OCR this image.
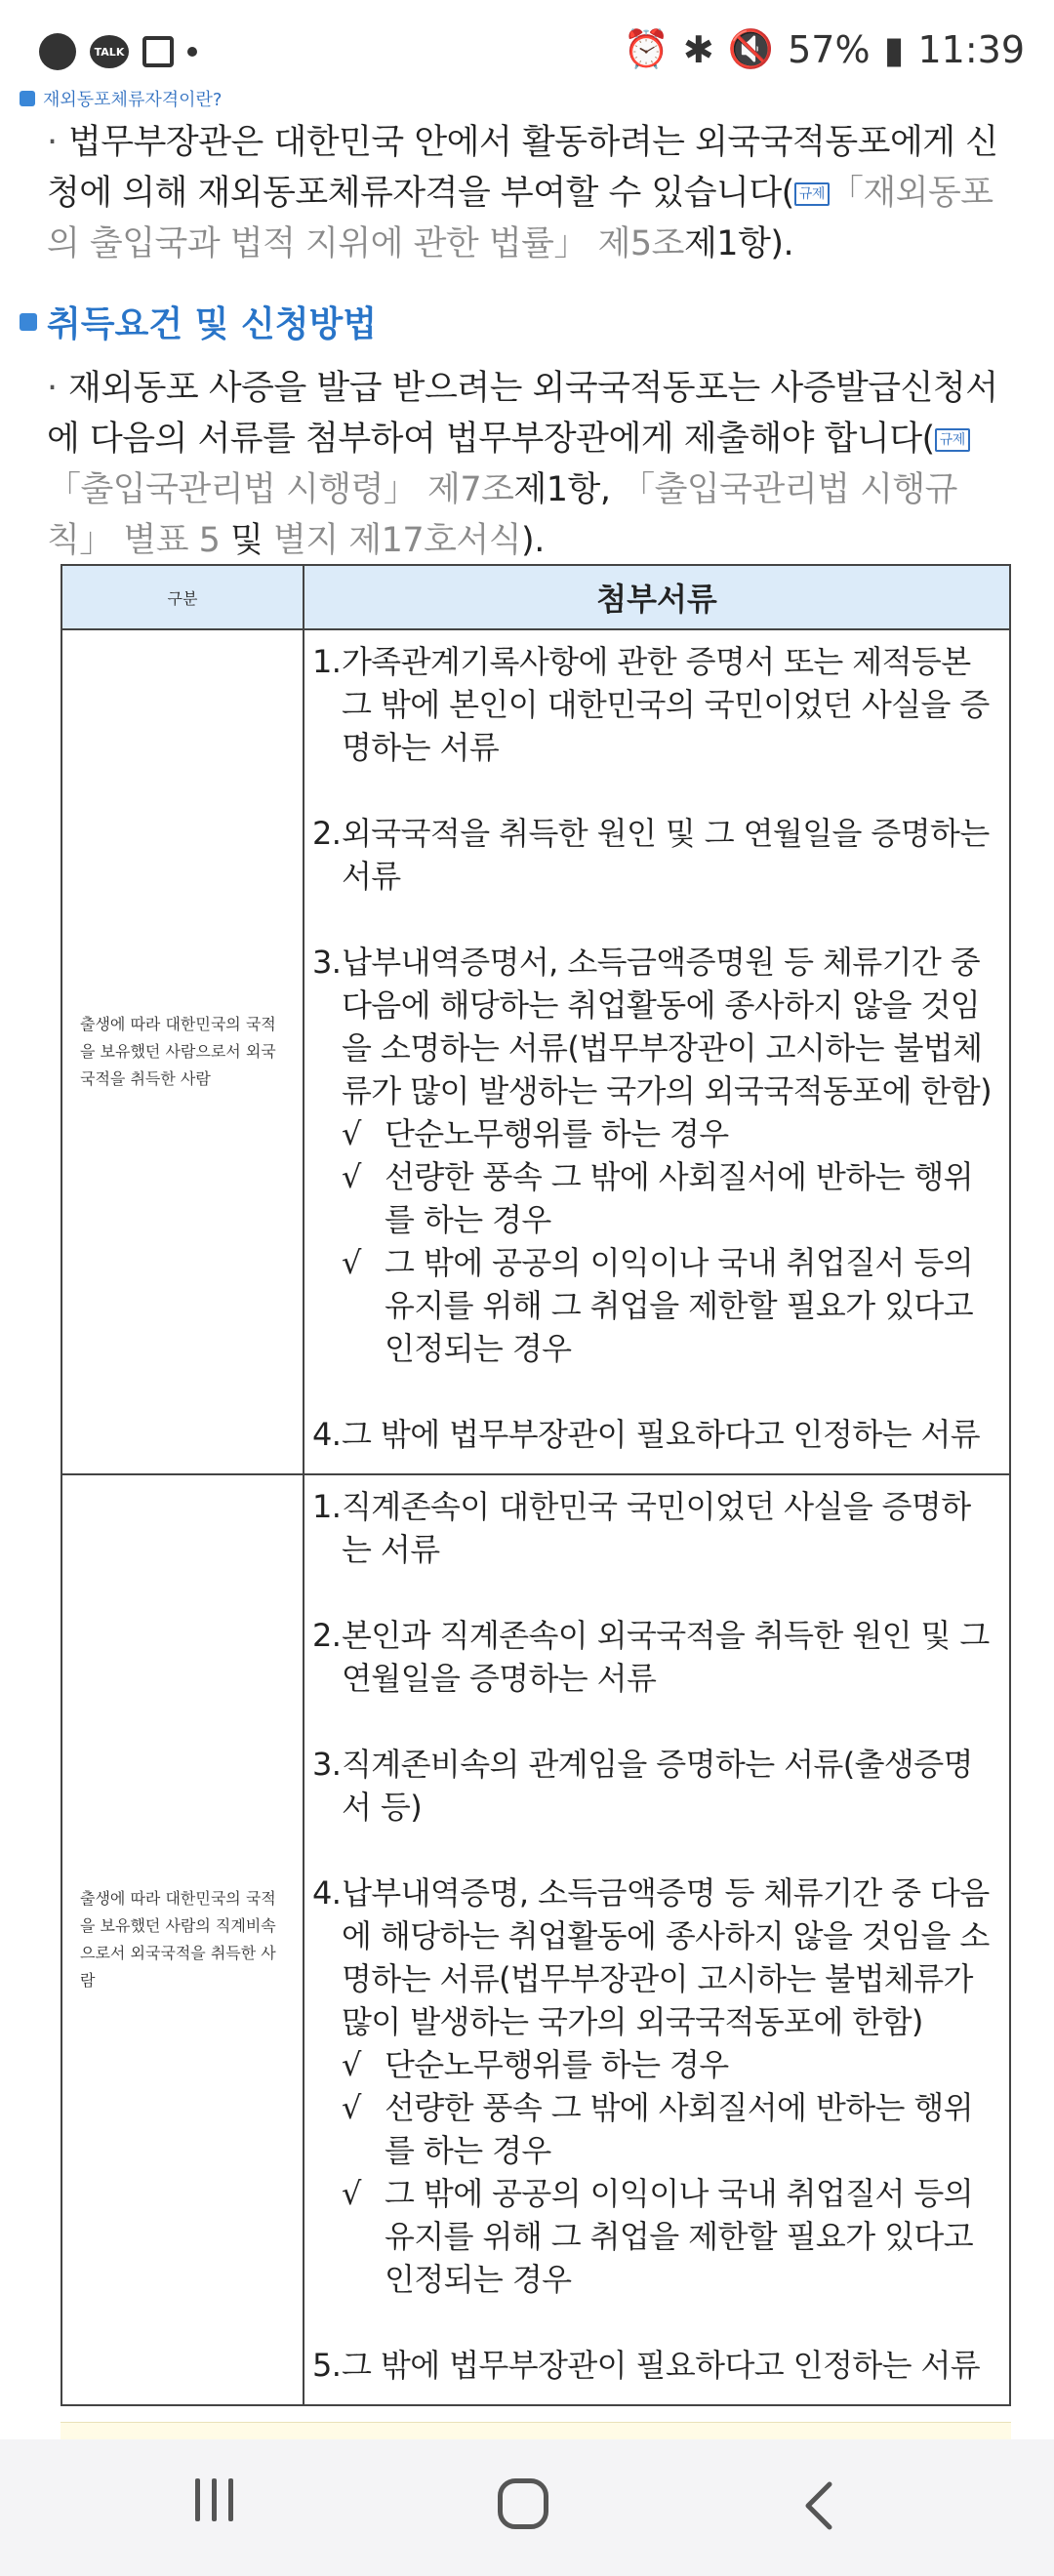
TALK	⏰ ✱ 🔇 57% ▮ 11:39
재외동포체류자격이란?
· 법무부장관은 대한민국 안에서 활동하려는 외국국적동포에게 신청에 의해 재외동포체류자격을 부여할 수 있습니다( 규제 「재외동포의 출입국과 법적 지위에 관한 법률」 제5조제1항).
취득요건 및 신청방법
· 재외동포 사증을 발급 받으려는 외국국적동포는 사증발급신청서에 다음의 서류를 첨부하여 법무부장관에게 제출해야 합니다( 규제「출입국관리법 시행령」 제7조제1항, 「출입국관리법 시행규칙」 별표 5 및 별지 제17호서식).
구분	첨부서류
출생에 따라 대한민국의 국적을 보유했던 사람으로서 외국국적을 취득한 사람
1. 가족관계기록사항에 관한 증명서 또는 제적등본 그 밖에 본인이 대한민국의 국민이었던 사실을 증명하는 서류
2. 외국국적을 취득한 원인 및 그 연월일을 증명하는 서류
3. 납부내역증명서, 소득금액증명원 등 체류기간 중 다음에 해당하는 취업활동에 종사하지 않을 것임을 소명하는 서류(법무부장관이 고시하는 불법체류가 많이 발생하는 국가의 외국국적동포에 한함)
√ 단순노무행위를 하는 경우
√ 선량한 풍속 그 밖에 사회질서에 반하는 행위를 하는 경우
√ 그 밖에 공공의 이익이나 국내 취업질서 등의 유지를 위해 그 취업을 제한할 필요가 있다고 인정되는 경우
4. 그 밖에 법무부장관이 필요하다고 인정하는 서류
출생에 따라 대한민국의 국적을 보유했던 사람의 직계비속으로서 외국국적을 취득한 사람
1. 직계존속이 대한민국 국민이었던 사실을 증명하는 서류
2. 본인과 직계존속이 외국국적을 취득한 원인 및 그 연월일을 증명하는 서류
3. 직계존비속의 관계임을 증명하는 서류(출생증명서 등)
4. 납부내역증명, 소득금액증명 등 체류기간 중 다음에 해당하는 취업활동에 종사하지 않을 것임을 소명하는 서류(법무부장관이 고시하는 불법체류가 많이 발생하는 국가의 외국국적동포에 한함)
√ 단순노무행위를 하는 경우
√ 선량한 풍속 그 밖에 사회질서에 반하는 행위를 하는 경우
√ 그 밖에 공공의 이익이나 국내 취업질서 등의 유지를 위해 그 취업을 제한할 필요가 있다고 인정되는 경우
5. 그 밖에 법무부장관이 필요하다고 인정하는 서류
